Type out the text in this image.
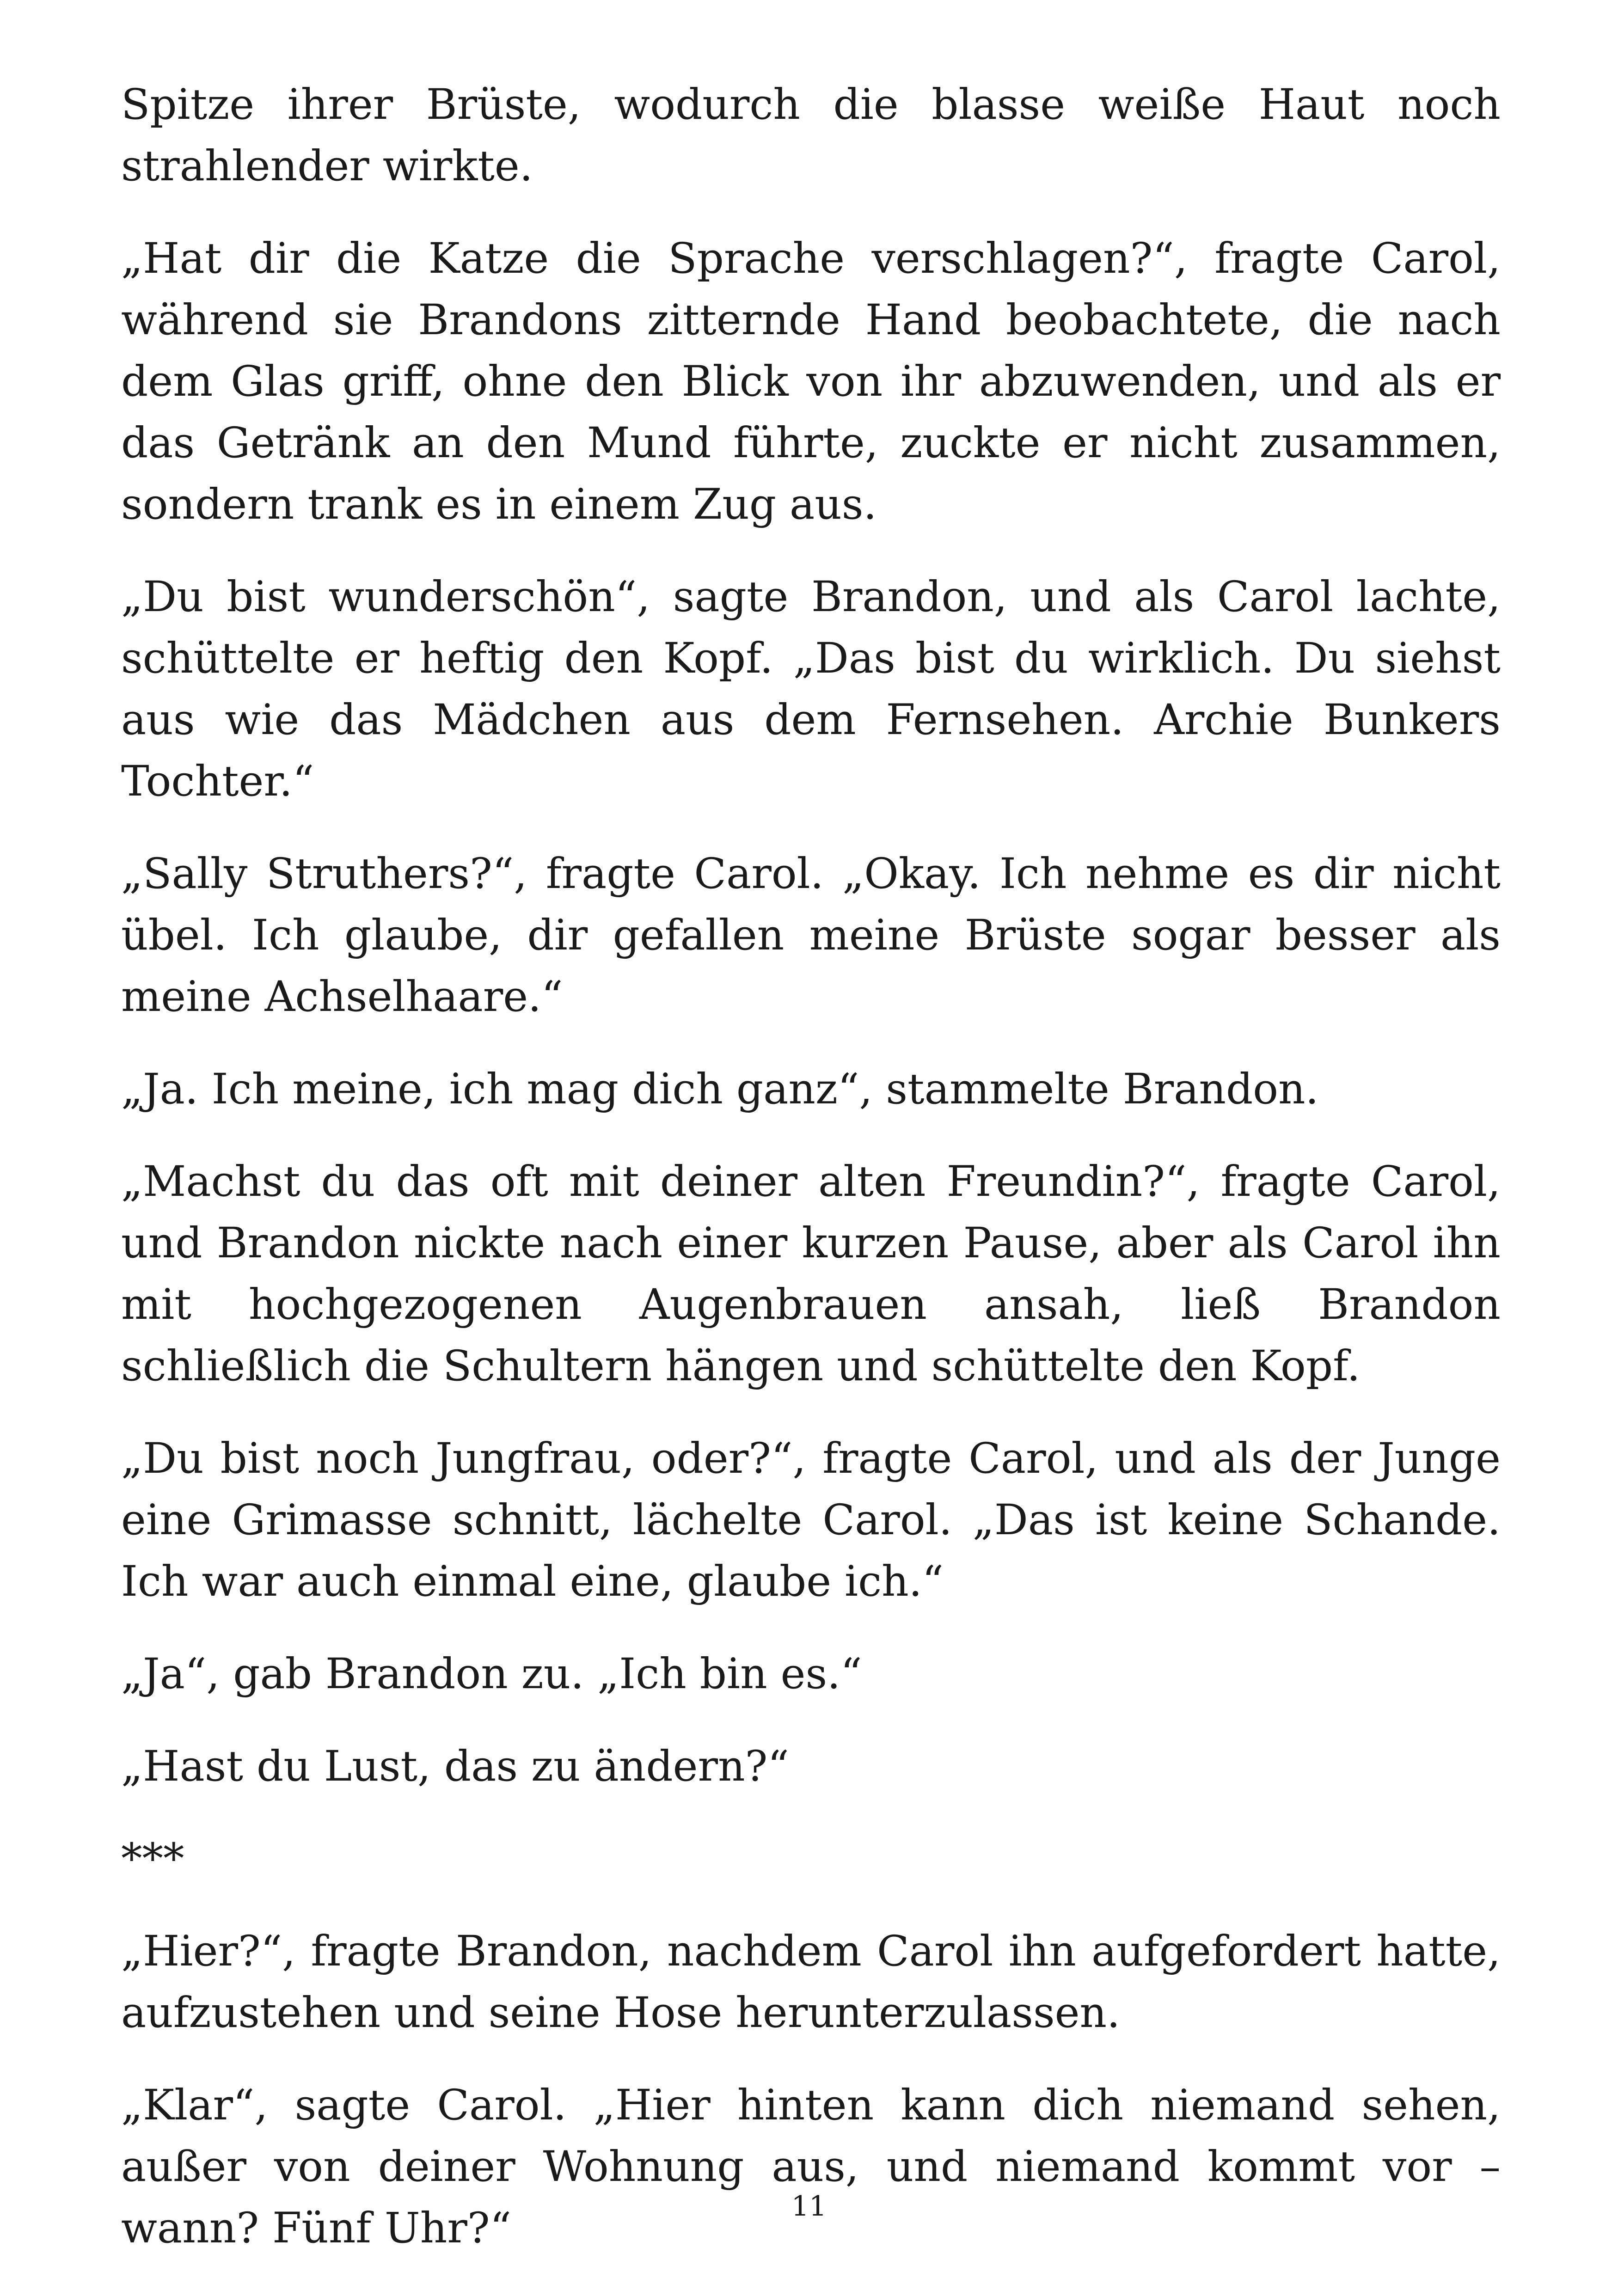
Spitze ihrer Brüste, wodurch die blasse weiße Haut noch strahlender wirkte.

„Hat dir die Katze die Sprache verschlagen?“, fragte Carol, während sie Brandons zitternde Hand beobachtete, die nach dem Glas griff, ohne den Blick von ihr abzuwenden, und als er das Getränk an den Mund führte, zuckte er nicht zusammen, sondern trank es in einem Zug aus.

„Du bist wunderschön“, sagte Brandon, und als Carol lachte, schüttelte er heftig den Kopf. „Das bist du wirklich. Du siehst aus wie das Mädchen aus dem Fernsehen. Archie Bunkers Tochter.“

„Sally Struthers?“, fragte Carol. „Okay. Ich nehme es dir nicht übel. Ich glaube, dir gefallen meine Brüste sogar besser als meine Achselhaare.“

„Ja. Ich meine, ich mag dich ganz“, stammelte Brandon.

„Machst du das oft mit deiner alten Freundin?“, fragte Carol, und Brandon nickte nach einer kurzen Pause, aber als Carol ihn mit hochgezogenen Augenbrauen ansah, ließ Brandon schließlich die Schultern hängen und schüttelte den Kopf.

„Du bist noch Jungfrau, oder?“, fragte Carol, und als der Junge eine Grimasse schnitt, lächelte Carol. „Das ist keine Schande. Ich war auch einmal eine, glaube ich.“

„Ja“, gab Brandon zu. „Ich bin es.“

„Hast du Lust, das zu ändern?“

***

„Hier?“, fragte Brandon, nachdem Carol ihn aufgefordert hatte, aufzustehen und seine Hose herunterzulassen.

„Klar“, sagte Carol. „Hier hinten kann dich niemand sehen, außer von deiner Wohnung aus, und niemand kommt vor – wann? Fünf Uhr?“	11
